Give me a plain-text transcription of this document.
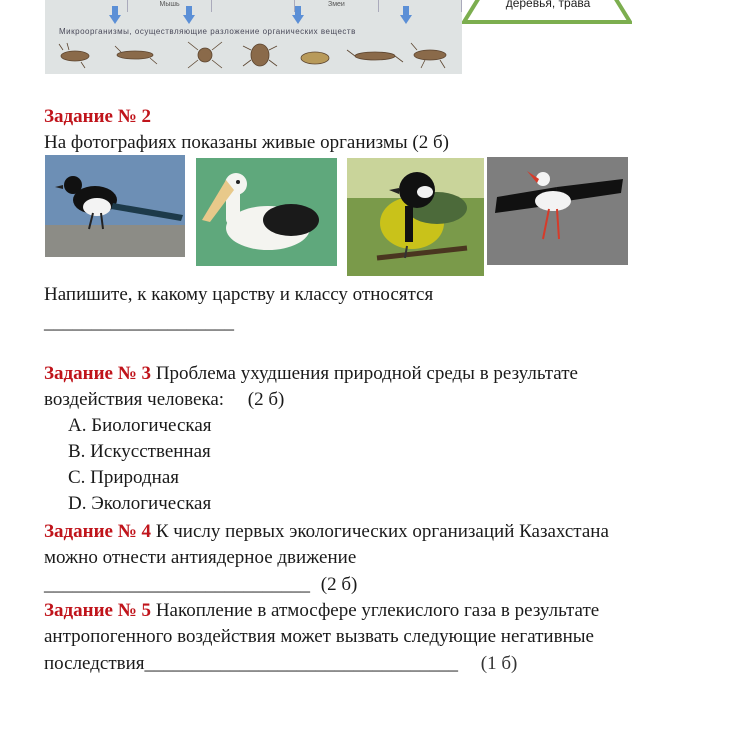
Мышь	Змеи
Микроорганизмы, осуществляющие разложение органических веществ
деревья, трава
Задание № 2
На фотографиях показаны живые организмы (2 б)
Напишите, к какому царству и классу относятся
____________________
Задание № 3 Проблема ухудшения природной среды в результате
воздействия человека:     (2 б)
A. Биологическая
B. Искусственная
C. Природная
D. Экологическая
Задание № 4 К числу первых экологических организаций Казахстана
можно отнести антиядерное движение
____________________________ (2 б)
Задание № 5 Накопление в атмосфере углекислого газа в результате
антропогенного воздействия может вызвать следующие негативные
последствия_________________________________ (1 б)
